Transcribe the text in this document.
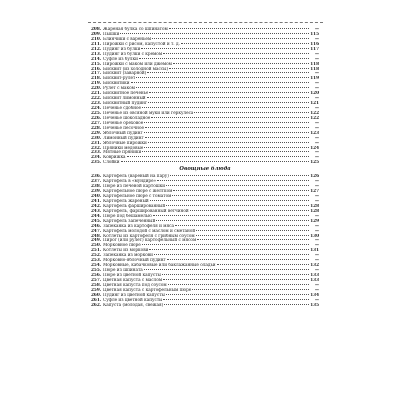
208. Жареная булка со шпинатом	—
209. Пышки	115
210. Блинчики с вареньем	—
211. Пирожки с рисом, капустой и т. д.	116
212. Пудинг из булки	117
213. Пудинг из булки с кремом	—
214. Суфле из булки	—
215. Пирожки с маком или джемом	118
216. Бисквит (из холодной массы)	118
217. Бисквит (заварной)	—
218. Бисквит-рулет	119
219. Бисквитики	—
220. Рулет с маком	—
221. Бисквитное печенье	120
222. Бисквит лимонный	—
223. Бисквитный пудинг	121
224. Печенье сдобное	—
225. Печенье из овсяной муки или геркулеса	122
226. Печенье шоколадное	122
227. Печенье ореховое	—
228. Печенье песочное	—
229. Яблочный пудинг	123
230. Лимонный пудинг	—
231. Яблочные пирожки	—
232. Пряники медовые	124
233. Мятные пряники	—
234. Коврижка	—
235. Слойки	125
Овощные блюда
236. Картофель (вареный на пару)	126
237. Картофель в «мундире»	—
238. Пюре из печеной картошки	—
239. Картофельное пюре с желтком	127
240. Картофельное пюре с томатом	—
241. Картофель жареный	—
242. Картофель фаршированный	128
243. Картофель, фаршированный ветчиной	128
244. Пюре под бешамелью	—
245. Картофель запеченный	129
246. Запеканка из картофеля и мяса	—
247. Картофель молодой с маслом и сметаной	—
248. Котлеты из картофеля с грибным соусом	130
249. Пирог (или рулет) картофельный с мясом	—
250. Морковное пюре	—
251. Котлеты из моркови	131
252. Запеканка из моркови	—
253. Морковно-яблочный пудинг	—
254. Морковные, кабачковые или баклажанные оладьи	132
255. Пюре из шпината	—
256. Пюре из цветной капусты	133
257. Цветная капуста с маслом	133
258. Цветная капуста под соусом	—
259. Цветная капуста с картофельным пюре	—
260. Пудинг из цветной капусты	134
261. Суфле из цветной капусты	—
262. Капуста (молодая, свежая)	135
